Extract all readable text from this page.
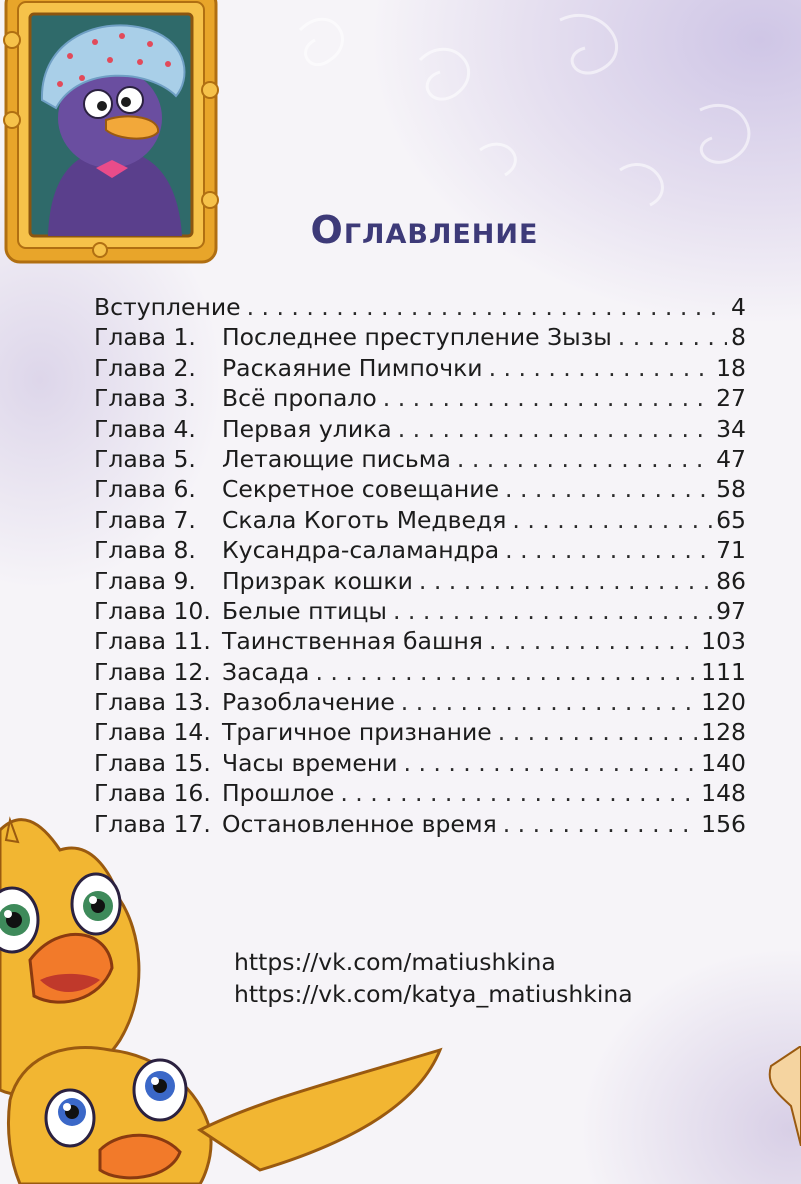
Оглавление
Вступление . . .	4
Глава 1.	Последнее преступление Зызы . . .	8
Глава 2.	Раскаяние Пимпочки . . .	18
Глава 3.	Всё пропало . . .	27
Глава 4.	Первая улика . . .	34
Глава 5.	Летающие письма . . .	47
Глава 6.	Секретное совещание . . .	58
Глава 7.	Скала Коготь Медведя . . .	65
Глава 8.	Кусандра-саламандра . . .	71
Глава 9.	Призрак кошки . . .	86
Глава 10. Белые птицы . . .	97
Глава 11. Таинственная башня . . .	103
Глава 12. Засада . . .	111
Глава 13. Разоблачение . . .	120
Глава 14. Трагичное признание . . .	128
Глава 15. Часы времени . . .	140
Глава 16. Прошлое . . .	148
Глава 17. Остановленное время . . .	156
https://vk.com/matiushkina
https://vk.com/katya_matiushkina
